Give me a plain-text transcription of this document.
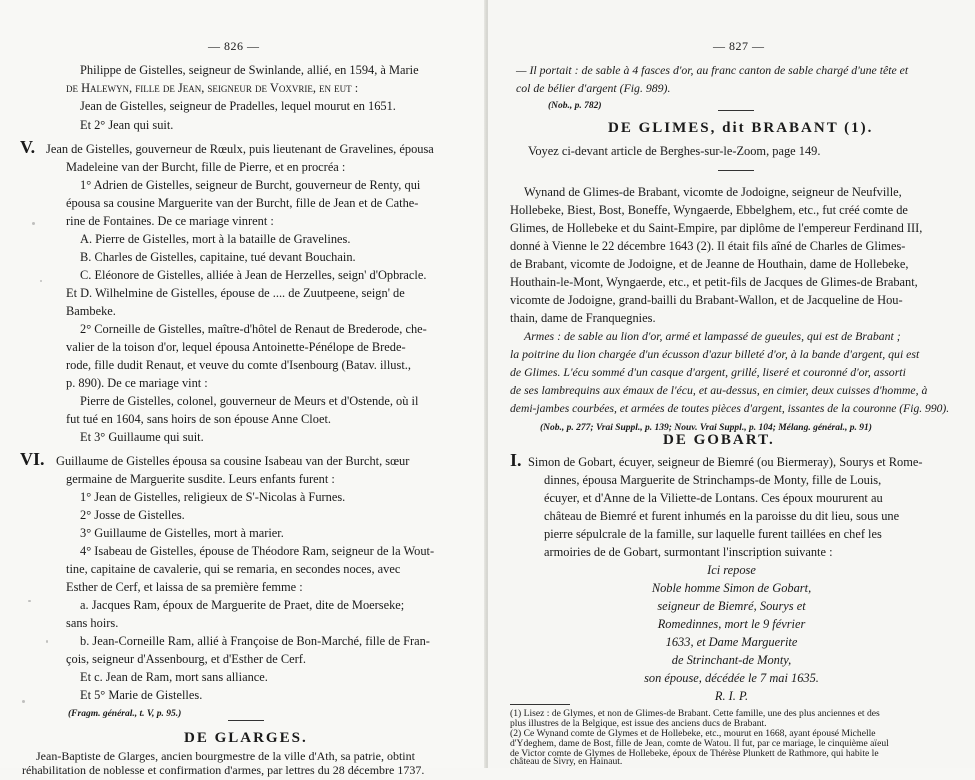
— 826 —
Philippe de Gistelles, seigneur de Swinlande, allié, en 1594, à Marie
de Halewyn, fille de Jean, seigneur de Voxvrie, en eut :
Jean de Gistelles, seigneur de Pradelles, lequel mourut en 1651.
Et 2° Jean qui suit.
V. Jean de Gistelles, gouverneur de Rœulx, puis lieutenant de Gravelines, épousa
Madeleine van der Burcht, fille de Pierre, et en procréa :
1° Adrien de Gistelles, seigneur de Burcht, gouverneur de Renty, qui
épousa sa cousine Marguerite van der Burcht, fille de Jean et de Cathe-
rine de Fontaines. De ce mariage vinrent :
A. Pierre de Gistelles, mort à la bataille de Gravelines.
B. Charles de Gistelles, capitaine, tué devant Bouchain.
C. Eléonore de Gistelles, alliée à Jean de Herzelles, seign' d'Opbracle.
Et D. Wilhelmine de Gistelles, épouse de .... de Zuutpeene, seign' de
Bambeke.
2° Corneille de Gistelles, maître-d'hôtel de Renaut de Brederode, che-
valier de la toison d'or, lequel épousa Antoinette-Pénélope de Brede-
rode, fille dudit Renaut, et veuve du comte d'Isenbourg (Batav. illust.,
p. 890). De ce mariage vint :
Pierre de Gistelles, colonel, gouverneur de Meurs et d'Ostende, où il
fut tué en 1604, sans hoirs de son épouse Anne Cloet.
Et 3° Guillaume qui suit.
VI. Guillaume de Gistelles épousa sa cousine Isabeau van der Burcht, sœur
germaine de Marguerite susdite. Leurs enfants furent :
1° Jean de Gistelles, religieux de S'-Nicolas à Furnes.
2° Josse de Gistelles.
3° Guillaume de Gistelles, mort à marier.
4° Isabeau de Gistelles, épouse de Théodore Ram, seigneur de la Wout-
tine, capitaine de cavalerie, qui se remaria, en secondes noces, avec
Esther de Cerf, et laissa de sa première femme :
a. Jacques Ram, époux de Marguerite de Praet, dite de Moerseke;
sans hoirs.
b. Jean-Corneille Ram, allié à Françoise de Bon-Marché, fille de Fran-
çois, seigneur d'Assenbourg, et d'Esther de Cerf.
Et c. Jean de Ram, mort sans alliance.
Et 5° Marie de Gistelles.
(Fragm. général., t. V, p. 95.)
DE GLARGES.
Jean-Baptiste de Glarges, ancien bourgmestre de la ville d'Ath, sa patrie, obtint
réhabilitation de noblesse et confirmation d'armes, par lettres du 28 décembre 1737.
— 827 —
— Il portait : de sable à 4 fasces d'or, au franc canton de sable chargé d'une tête et
col de bélier d'argent (Fig. 989).
(Nob., p. 782)
DE GLIMES, dit BRABANT (1).
Voyez ci-devant article de Berghes-sur-le-Zoom, page 149.
Wynand de Glimes-de Brabant, vicomte de Jodoigne, seigneur de Neufville,
Hollebeke, Biest, Bost, Boneffe, Wyngaerde, Ebbelghem, etc., fut créé comte de
Glimes, de Hollebeke et du Saint-Empire, par diplôme de l'empereur Ferdinand III,
donné à Vienne le 22 décembre 1643 (2). Il était fils aîné de Charles de Glimes-
de Brabant, vicomte de Jodoigne, et de Jeanne de Houthain, dame de Hollebeke,
Houthain-le-Mont, Wyngaerde, etc., et petit-fils de Jacques de Glimes-de Brabant,
vicomte de Jodoigne, grand-bailli du Brabant-Wallon, et de Jacqueline de Hou-
thain, dame de Franquegnies.
Armes : de sable au lion d'or, armé et lampassé de gueules, qui est de Brabant ;
la poitrine du lion chargée d'un écusson d'azur billeté d'or, à la bande d'argent, qui est
de Glimes. L'écu sommé d'un casque d'argent, grillé, liseré et couronné d'or, assorti
de ses lambrequins aux émaux de l'écu, et au-dessus, en cimier, deux cuisses d'homme, à
demi-jambes courbées, et armées de toutes pièces d'argent, issantes de la couronne (Fig. 990).
(Nob., p. 277; Vrai Suppl., p. 139; Nouv. Vrai Suppl., p. 104; Mélang. général., p. 91)
DE GOBART.
I. Simon de Gobart, écuyer, seigneur de Biemré (ou Biermeray), Sourys et Rome-
dinnes, épousa Marguerite de Strinchamps-de Monty, fille de Louis,
écuyer, et d'Anne de la Viliette-de Lontans. Ces époux moururent au
château de Biemré et furent inhumés en la paroisse du dit lieu, sous une
pierre sépulcrale de la famille, sur laquelle furent taillées en chef les
armoiries de de Gobart, surmontant l'inscription suivante :
Ici repose
Noble homme Simon de Gobart,
seigneur de Biemré, Sourys et
Romedinnes, mort le 9 février
1633, et Dame Marguerite
de Strinchant-de Monty,
son épouse, décédée le 7 mai 1635.
R. I. P.
(1) Lisez : de Glymes, et non de Glimes-de Brabant. Cette famille, une des plus anciennes et des
plus illustres de la Belgique, est issue des anciens ducs de Brabant.
(2) Ce Wynand comte de Glymes et de Hollebeke, etc., mourut en 1668, ayant épousé Michelle
d'Ydeghem, dame de Bost, fille de Jean, comte de Watou. Il fut, par ce mariage, le cinquième aïeul
de Victor comte de Glymes de Hollebeke, époux de Thérèse Plunkett de Rathmore, qui habite le
château de Sivry, en Hainaut.
